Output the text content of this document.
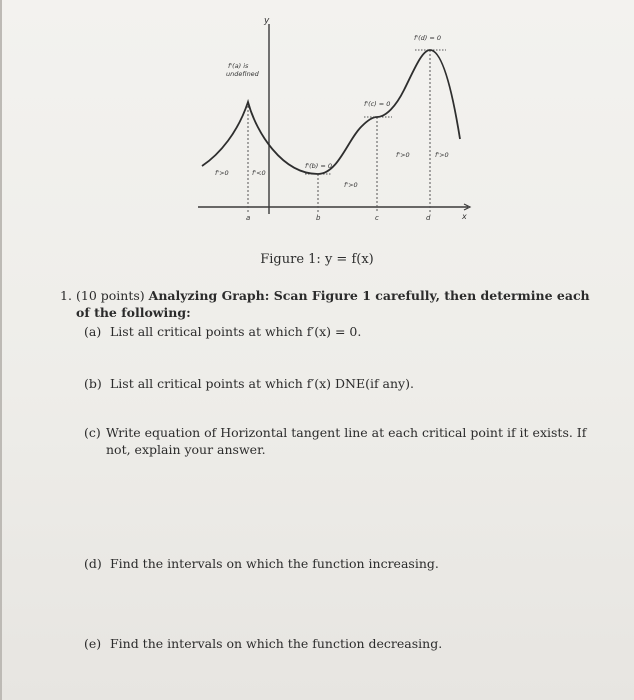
y
x
a	b	c	d
f'(a) is
undefined
f'(b) = 0
f'(c) = 0
f'(d) = 0
f'>0	f'<0
f'>0
f'>0	f'>0
Figure 1: y = f(x)
1. (10 points) Analyzing Graph: Scan Figure 1 carefully, then determine each of the following:
(a) List all critical points at which f′(x) = 0.
(b) List all critical points at which f′(x) DNE(if any).
(c) Write equation of Horizontal tangent line at each critical point if it exists. If not, explain your answer.
(d) Find the intervals on which the function increasing.
(e) Find the intervals on which the function decreasing.
